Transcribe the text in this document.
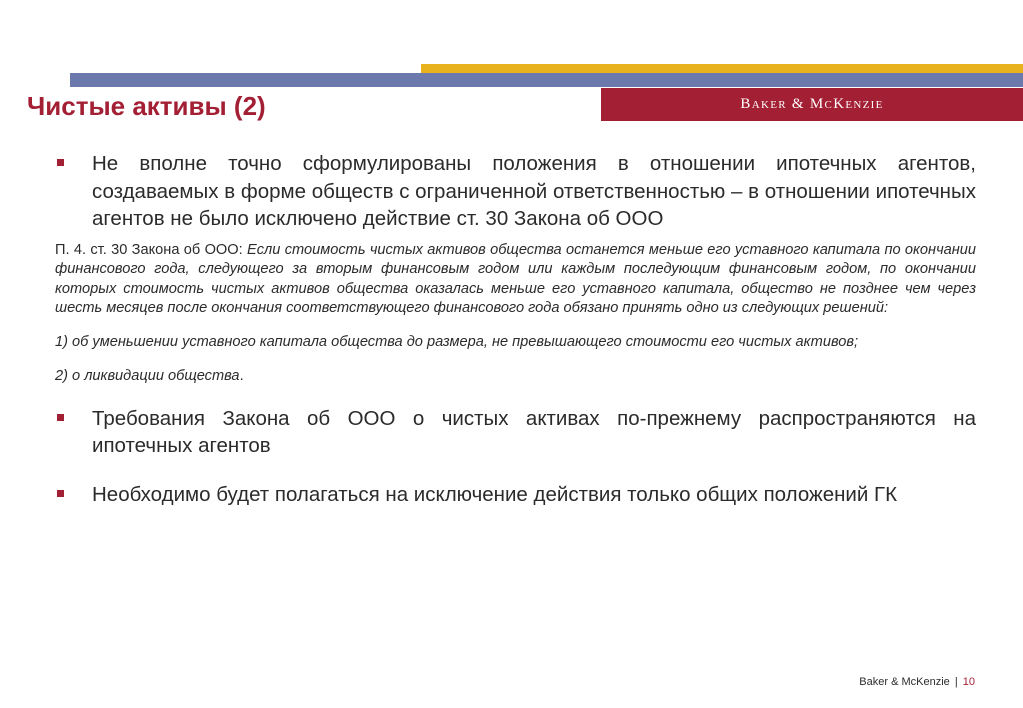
Baker & McKenzie
Чистые активы (2)
Не вполне точно сформулированы положения в отношении ипотечных агентов, создаваемых в форме обществ с ограниченной ответственностью – в отношении ипотечных агентов не было исключено действие ст. 30 Закона об ООО

П. 4. ст. 30 Закона об ООО: Если стоимость чистых активов общества останется меньше его уставного капитала по окончании финансового года, следующего за вторым финансовым годом или каждым последующим финансовым годом, по окончании которых стоимость чистых активов общества оказалась меньше его уставного капитала, общество не позднее чем через шесть месяцев после окончания соответствующего финансового года обязано принять одно из следующих решений:

1) об уменьшении уставного капитала общества до размера, не превышающего стоимости его чистых активов;

2) о ликвидации общества.

Требования Закона об ООО о чистых активах по-прежнему распространяются на ипотечных агентов
Необходимо будет полагаться на исключение действия только общих положений ГК
Baker & McKenzie | 10
